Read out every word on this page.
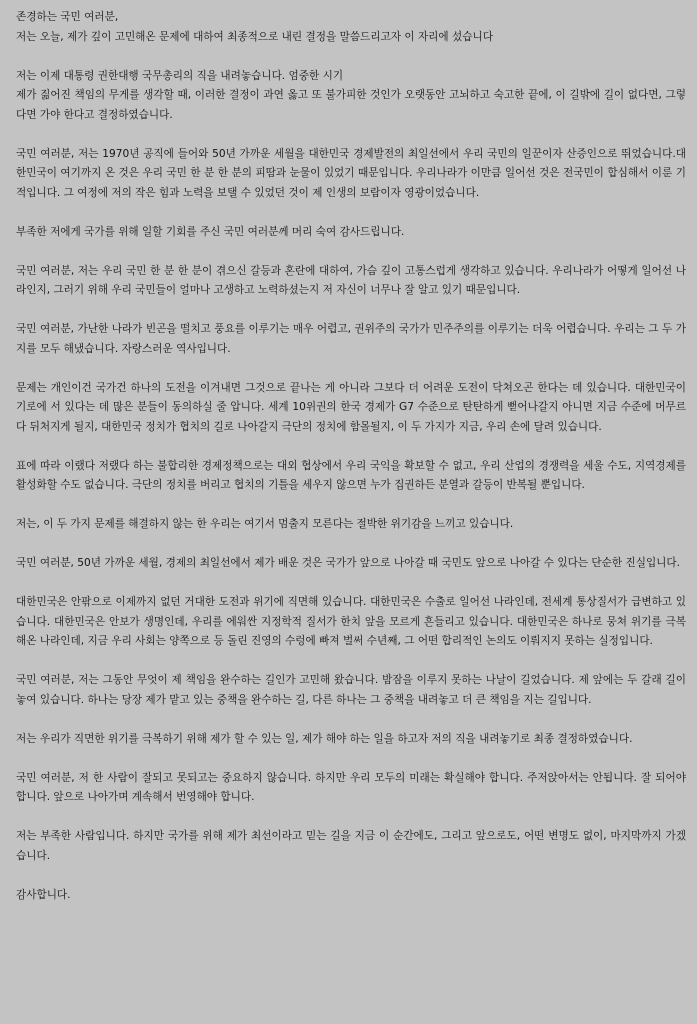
존경하는 국민 여러분,
저는 오늘, 제가 깊이 고민해온 문제에 대하여 최종적으로 내린 결정을 말씀드리고자 이 자리에 섰습니다

저는 이제 대통령 권한대행 국무총리의 직을 내려놓습니다. 엄중한 시기
제가 짊어진 책임의 무게를 생각할 때, 이러한 결정이 과연 옳고 또 불가피한 것인가 오랫동안 고뇌하고 숙고한 끝에, 이 길밖에 길이 없다면, 그렇다면 가야 한다고 결정하였습니다.

국민 여러분, 저는 1970년 공직에 들어와 50년 가까운 세월을 대한민국 경제발전의 최일선에서 우리 국민의 일꾼이자 산증인으로 뛰었습니다.대한민국이 여기까지 온 것은 우리 국민 한 분 한 분의 피땀과 눈물이 있었기 때문입니다. 우리나라가 이만큼 일어선 것은 전국민이 합심해서 이룬 기적입니다. 그 여정에 저의 작은 힘과 노력을 보탤 수 있었던 것이 제 인생의 보람이자 영광이었습니다.

부족한 저에게 국가를 위해 일할 기회를 주신 국민 여러분께 머리 숙여 감사드립니다.

국민 여러분, 저는 우리 국민 한 분 한 분이 겪으신 갈등과 혼란에 대하여, 가슴 깊이 고통스럽게 생각하고 있습니다. 우리나라가 어떻게 일어선 나라인지, 그러기 위해 우리 국민들이 얼마나 고생하고 노력하셨는지 저 자신이 너무나 잘 알고 있기 때문입니다.

국민 여러분, 가난한 나라가 빈곤을 떨치고 풍요를 이루기는 매우 어렵고, 권위주의 국가가 민주주의를 이루기는 더욱 어렵습니다. 우리는 그 두 가지를 모두 해냈습니다. 자랑스러운 역사입니다.

문제는 개인이건 국가건 하나의 도전을 이겨내면 그것으로 끝나는 게 아니라 그보다 더 어려운 도전이 닥쳐오곤 한다는 데 있습니다. 대한민국이 기로에 서 있다는 데 많은 분들이 동의하실 줄 압니다. 세계 10위권의 한국 경제가 G7 수준으로 탄탄하게 뻗어나갈지 아니면 지금 수준에 머무르다 뒤처지게 될지, 대한민국 정치가 협치의 길로 나아갈지 극단의 정치에 함몰될지, 이 두 가지가 지금, 우리 손에 달려 있습니다.

표에 따라 이랬다 저랬다 하는 불합리한 경제정책으로는 대외 협상에서 우리 국익을 확보할 수 없고, 우리 산업의 경쟁력을 세울 수도, 지역경제를 활성화할 수도 없습니다. 극단의 정치를 버리고 협치의 기틀을 세우지 않으면 누가 집권하든 분열과 갈등이 반복될 뿐입니다.

저는, 이 두 가지 문제를 해결하지 않는 한 우리는 여기서 멈출지 모른다는 절박한 위기감을 느끼고 있습니다.

국민 여러분, 50년 가까운 세월, 경제의 최일선에서 제가 배운 것은 국가가 앞으로 나아갈 때 국민도 앞으로 나아갈 수 있다는 단순한 진실입니다.

대한민국은 안팎으로 이제까지 없던 거대한 도전과 위기에 직면해 있습니다. 대한민국은 수출로 일어선 나라인데, 전세계 통상질서가 급변하고 있습니다. 대한민국은 안보가 생명인데, 우리를 에워싼 지정학적 질서가 한치 앞을 모르게 흔들리고 있습니다. 대한민국은 하나로 뭉쳐 위기를 극복해온 나라인데, 지금 우리 사회는 양쪽으로 등 돌린 진영의 수렁에 빠져 벌써 수년째, 그 어떤 합리적인 논의도 이뤄지지 못하는 실정입니다.

국민 여러분, 저는 그동안 무엇이 제 책임을 완수하는 길인가 고민해 왔습니다. 밤잠을 이루지 못하는 나날이 길었습니다. 제 앞에는 두 갈래 길이 놓여 있습니다. 하나는 당장 제가 맡고 있는 중책을 완수하는 길, 다른 하나는 그 중책을 내려놓고 더 큰 책임을 지는 길입니다.

저는 우리가 직면한 위기를 극복하기 위해 제가 할 수 있는 일, 제가 해야 하는 일을 하고자 저의 직을 내려놓기로 최종 결정하였습니다.

국민 여러분, 저 한 사람이 잘되고 못되고는 중요하지 않습니다. 하지만 우리 모두의 미래는 확실해야 합니다. 주저앉아서는 안됩니다. 잘 되어야 합니다. 앞으로 나아가며 계속해서 번영해야 합니다.

저는 부족한 사람입니다. 하지만 국가를 위해 제가 최선이라고 믿는 길을 지금 이 순간에도, 그리고 앞으로도, 어떤 변명도 없이, 마지막까지 가겠습니다.

감사합니다.
